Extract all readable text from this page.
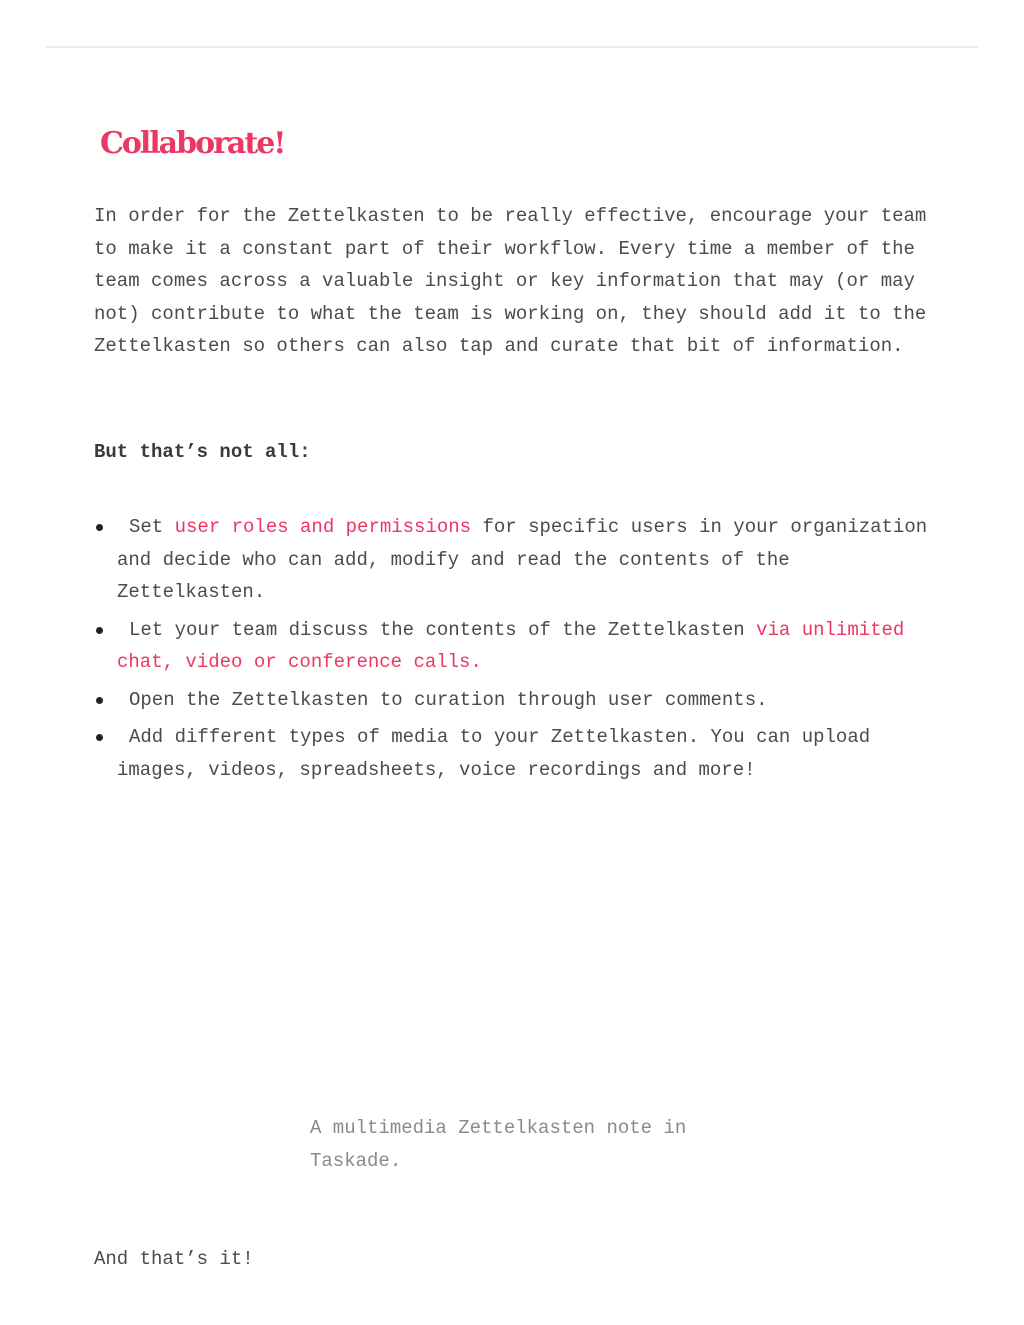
Collaborate!

In order for the Zettelkasten to be really effective, encourage your team to make it a constant part of their workflow. Every time a member of the team comes across a valuable insight or key information that may (or may not) contribute to what the team is working on, they should add it to the Zettelkasten so others can also tap and curate that bit of information.

But that’s not all:

Set user roles and permissions for specific users in your organization and decide who can add, modify and read the contents of the Zettelkasten.
Let your team discuss the contents of the Zettelkasten via unlimited chat, video or conference calls.
Open the Zettelkasten to curation through user comments.
Add different types of media to your Zettelkasten. You can upload images, videos, spreadsheets, voice recordings and more!

A multimedia Zettelkasten note in Taskade.

And that’s it!
